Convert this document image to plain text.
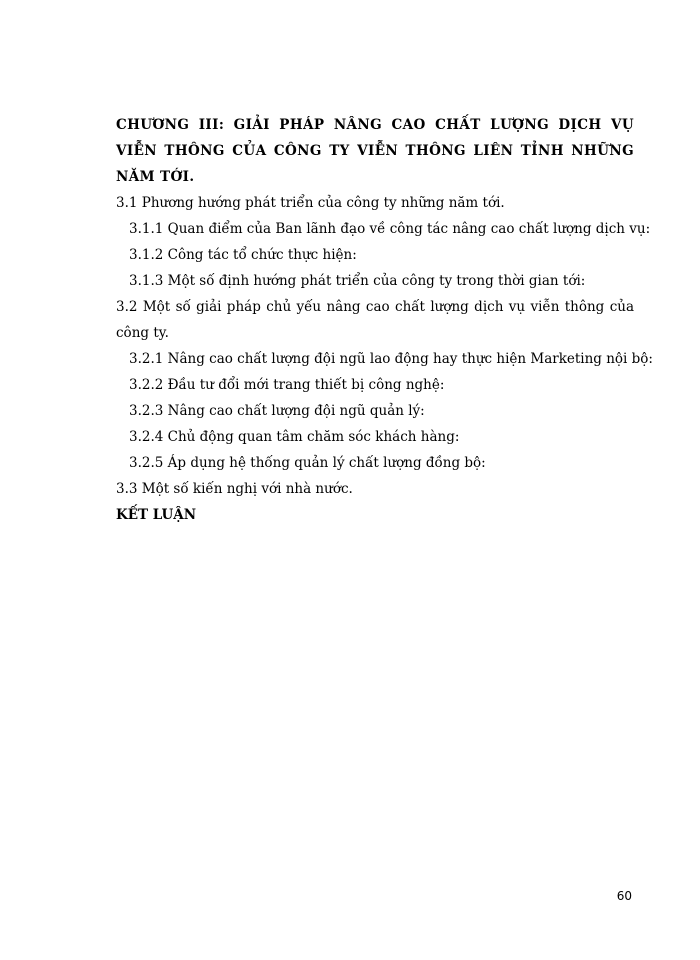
CHƯƠNG III: GIẢI PHÁP NÂNG CAO CHẤT LƯỢNG DỊCH VỤ VIỄN THÔNG CỦA CÔNG TY VIỄN THÔNG LIÊN TỈNH NHỮNG NĂM TỚI.

3.1 Phương hướng phát triển của công ty những năm tới.

3.1.1 Quan điểm của Ban lãnh đạo về công tác nâng cao chất lượng dịch vụ:

3.1.2 Công tác tổ chức thực hiện:

3.1.3 Một số định hướng phát triển của công ty trong thời gian tới:

3.2 Một số giải pháp chủ yếu nâng cao chất lượng dịch vụ viễn thông của công ty.

3.2.1 Nâng cao chất lượng đội ngũ lao động hay thực hiện Marketing nội bộ:

3.2.2 Đầu tư đổi mới trang thiết bị công nghệ:

3.2.3 Nâng cao chất lượng đội ngũ quản lý:

3.2.4 Chủ động quan tâm chăm sóc khách hàng:

3.2.5 Áp dụng hệ thống quản lý chất lượng đồng bộ:

3.3 Một số kiến nghị với nhà nước.

KẾT LUẬN

60
